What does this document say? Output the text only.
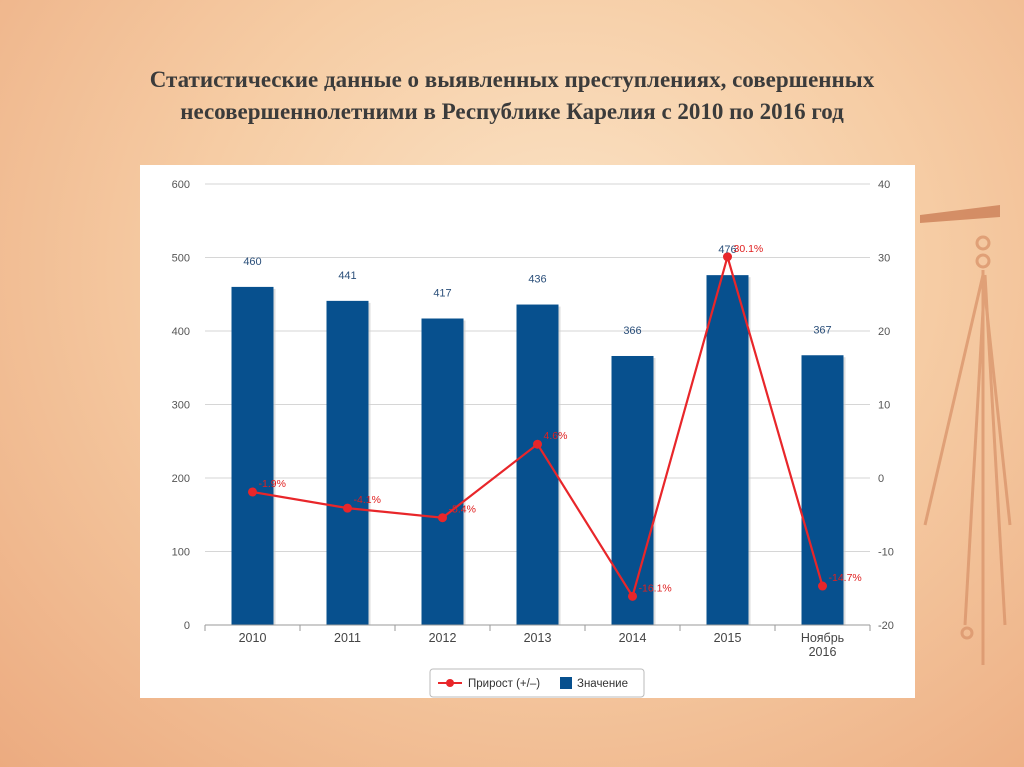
Статистические данные о выявленных преступлениях, совершенных
несовершеннолетними в Республике Карелия с 2010 по 2016 год
460
441
417
436
366
476
367
-1.9%
-4.1%
-5.4%
4.6%
-16.1%
30.1%
-14.7%
0
100
200
300
400
500
600
-20
-10
0
10
20
30
40
2010	2011	2012	2013	2014	2015	Ноябрь
2016
Прирост (+/–)	Значение
